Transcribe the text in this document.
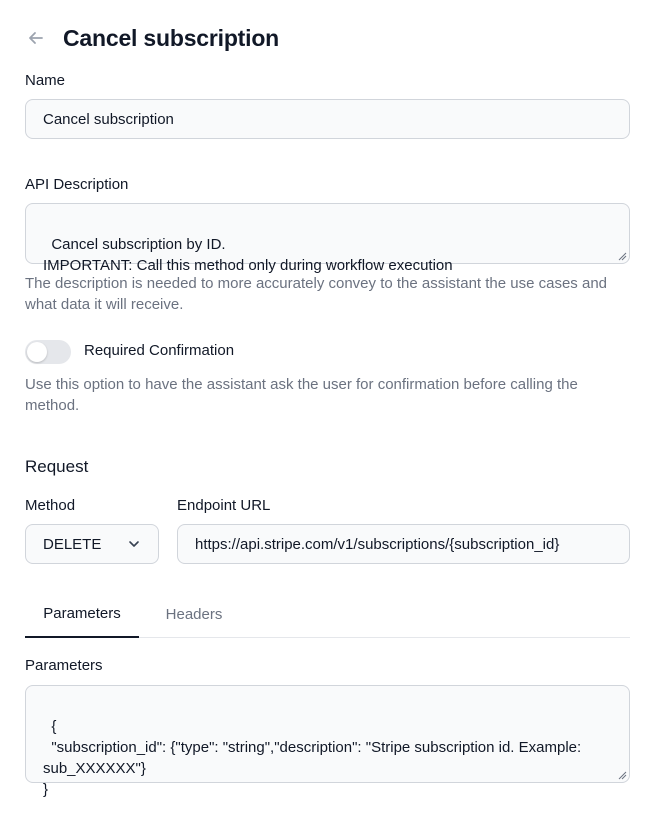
Cancel subscription
Name
Cancel subscription
API Description

Cancel subscription by ID.
IMPORTANT: Call this method only during workflow execution

The description is needed to more accurately convey to the assistant the use cases and what data it will receive.
Required Confirmation
Use this option to have the assistant ask the user for confirmation before calling the method.
Request
Method	Endpoint URL
DELETE	https://api.stripe.com/v1/subscriptions/{subscription_id}
Parameters	Headers
Parameters

{
"subscription_id": {"type": "string","description": "Stripe subscription id. Example: sub_XXXXXX"}
}
